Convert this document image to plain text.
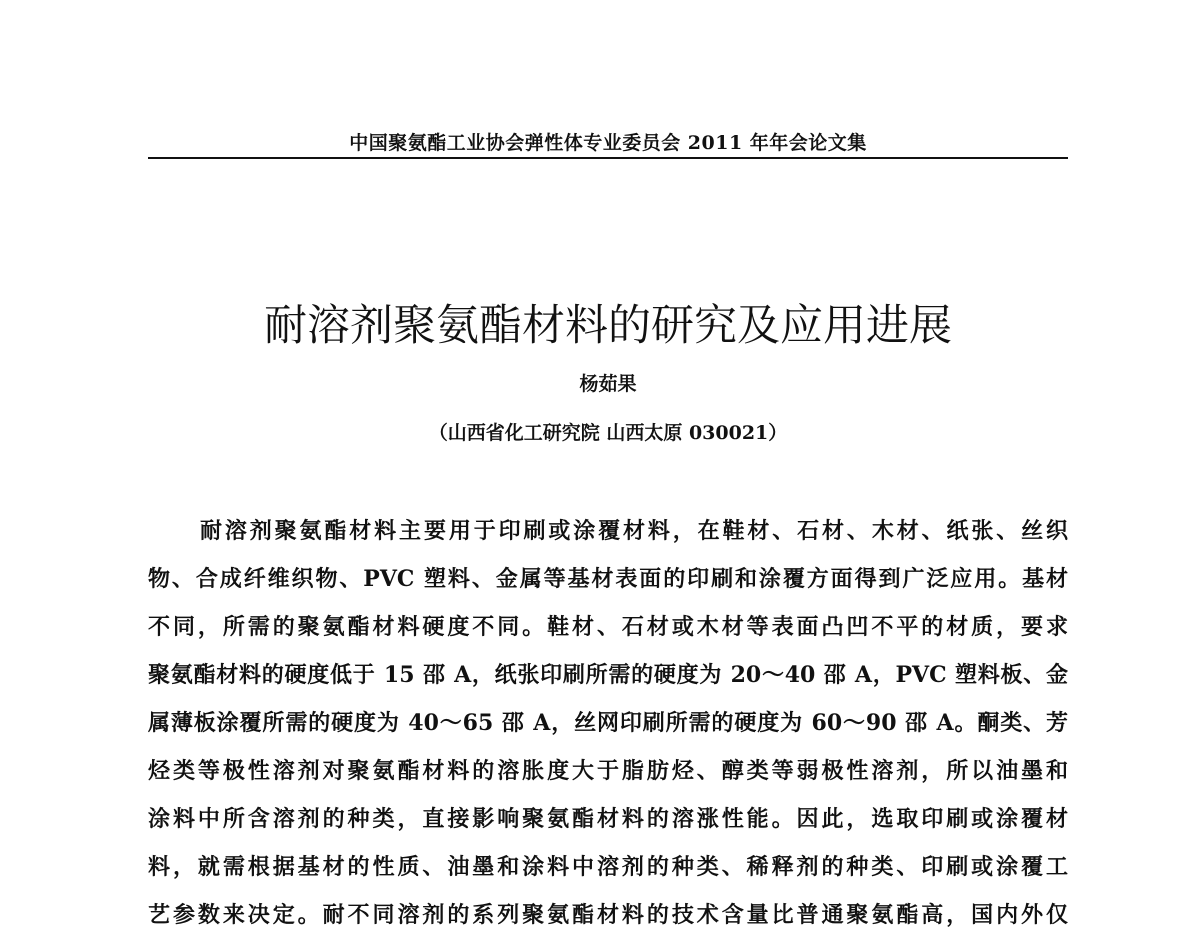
中国聚氨酯工业协会弹性体专业委员会 2011 年年会论文集
耐溶剂聚氨酯材料的研究及应用进展
杨茹果
（山西省化工研究院 山西太原 030021）
耐溶剂聚氨酯材料主要用于印刷或涂覆材料，在鞋材、石材、木材、纸张、丝织
物、合成纤维织物、PVC 塑料、金属等基材表面的印刷和涂覆方面得到广泛应用。基材
不同，所需的聚氨酯材料硬度不同。鞋材、石材或木材等表面凸凹不平的材质，要求
聚氨酯材料的硬度低于 15 邵 A，纸张印刷所需的硬度为 20～40 邵 A，PVC 塑料板、金
属薄板涂覆所需的硬度为 40～65 邵 A，丝网印刷所需的硬度为 60～90 邵 A。酮类、芳
烃类等极性溶剂对聚氨酯材料的溶胀度大于脂肪烃、醇类等弱极性溶剂，所以油墨和
涂料中所含溶剂的种类，直接影响聚氨酯材料的溶涨性能。因此，选取印刷或涂覆材
料，就需根据基材的性质、油墨和涂料中溶剂的种类、稀释剂的种类、印刷或涂覆工
艺参数来决定。耐不同溶剂的系列聚氨酯材料的技术含量比普通聚氨酯高，国内外仅
